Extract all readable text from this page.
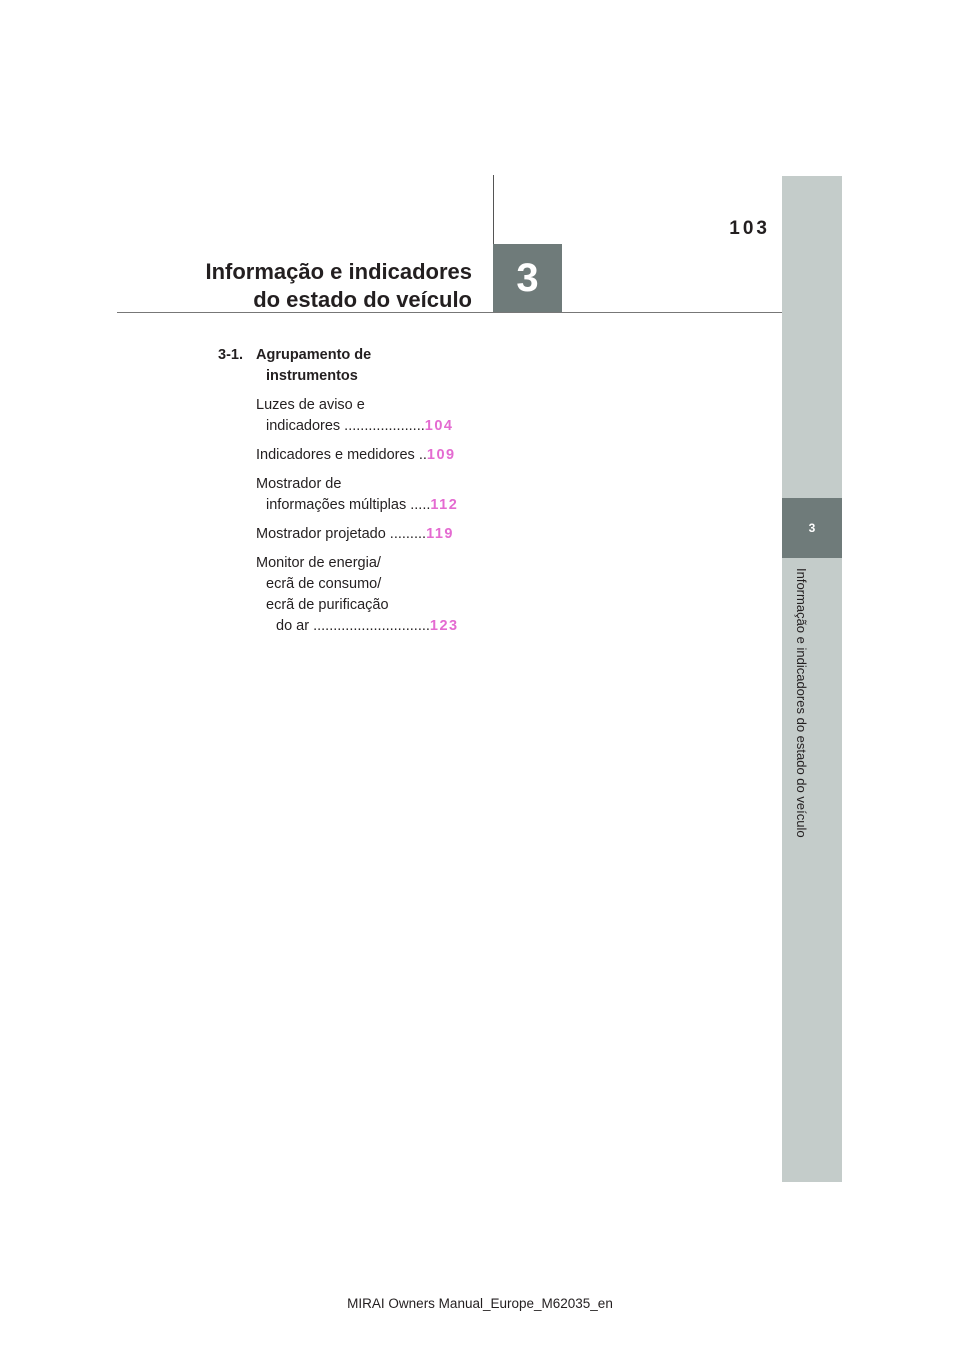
103
Informação e indicadores
do estado do veículo	3
3
Informação e indicadores do estado do veículo
3-1. Agrupamento de
instrumentos
Luzes de aviso e
indicadores ....................104
Indicadores e medidores ..109
Mostrador de
informações múltiplas .....112
Mostrador projetado .........119
Monitor de energia/
ecrã de consumo/
ecrã de purificação
do ar .............................123
MIRAI Owners Manual_Europe_M62035_en
